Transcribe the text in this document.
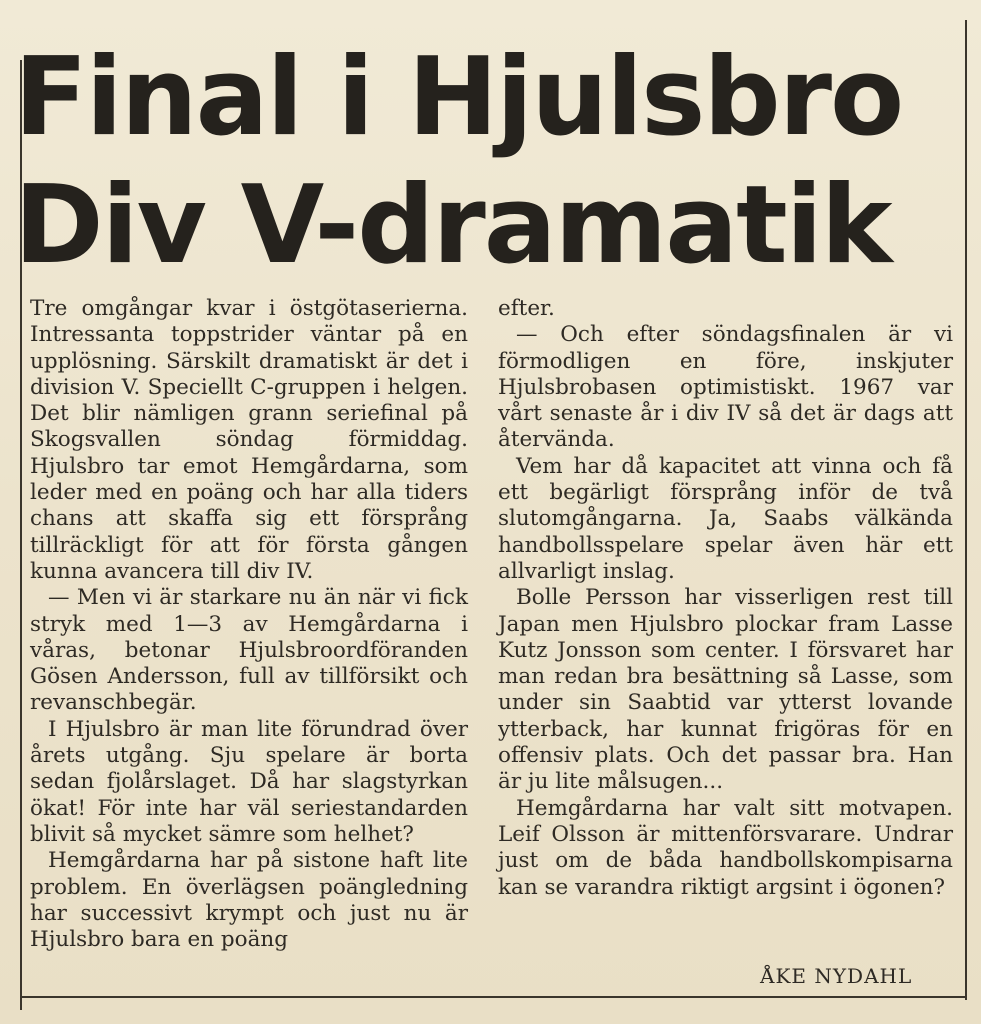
Final i Hjulsbro
Div V-dramatik

Tre omgångar kvar i östgötaserierna. Intressanta toppstrider väntar på en upplösning. Särskilt dramatiskt är det i division V. Speciellt C-gruppen i helgen. Det blir nämligen grann seriefinal på Skogsvallen söndag förmiddag. Hjulsbro tar emot Hemgårdarna, som leder med en poäng och har alla tiders chans att skaffa sig ett försprång tillräckligt för att för första gången kunna avancera till div IV.

— Men vi är starkare nu än när vi fick stryk med 1—3 av Hemgårdarna i våras, betonar Hjulsbroordföranden Gösen Andersson, full av tillförsikt och revanschbegär.

I Hjulsbro är man lite förundrad över årets utgång. Sju spelare är borta sedan fjolårslaget. Då har slagstyrkan ökat! För inte har väl seriestandarden blivit så mycket sämre som helhet?

Hemgårdarna har på sistone haft lite problem. En överlägsen poängledning har successivt krympt och just nu är Hjulsbro bara en poäng

efter.

— Och efter söndagsfinalen är vi förmodligen en före, inskjuter Hjulsbrobasen optimistiskt. 1967 var vårt senaste år i div IV så det är dags att återvända.

Vem har då kapacitet att vinna och få ett begärligt försprång inför de två slutomgångarna. Ja, Saabs välkända handbollsspelare spelar även här ett allvarligt inslag.

Bolle Persson har visserligen rest till Japan men Hjulsbro plockar fram Lasse Kutz Jonsson som center. I försvaret har man redan bra besättning så Lasse, som under sin Saabtid var ytterst lovande ytterback, har kunnat frigöras för en offensiv plats. Och det passar bra. Han är ju lite målsugen...

Hemgårdarna har valt sitt motvapen. Leif Olsson är mittenförsvarare. Undrar just om de båda handbollskompisarna kan se varandra riktigt argsint i ögonen?

ÅKE NYDAHL
